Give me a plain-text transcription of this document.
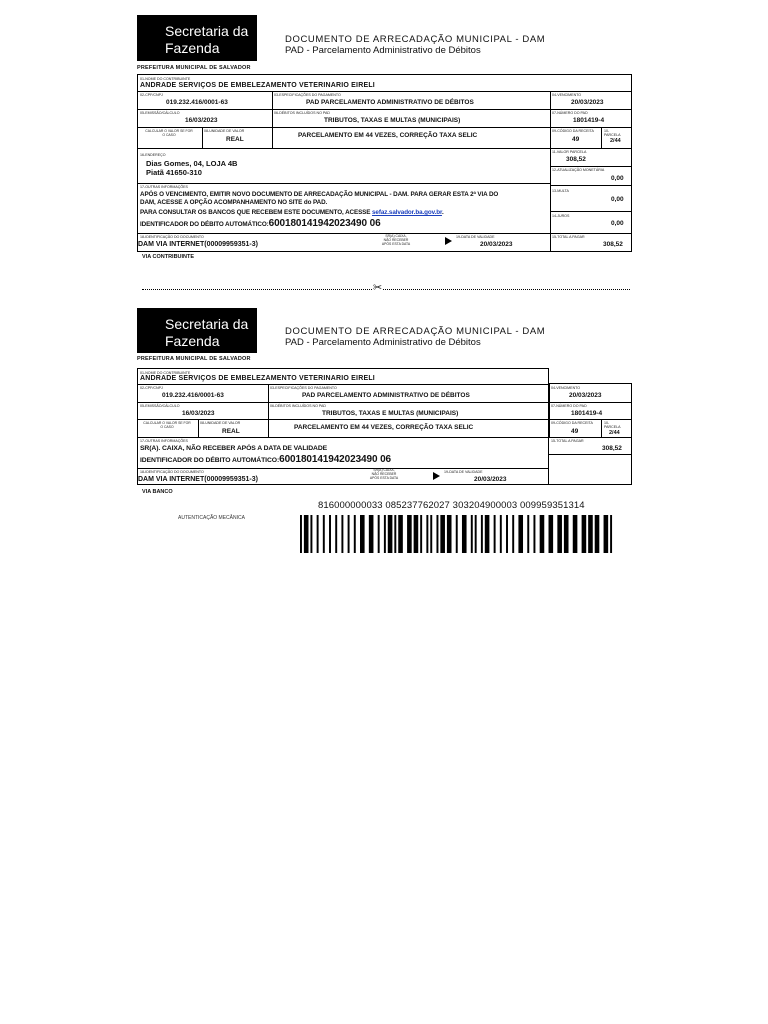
Secretaria da
Fazenda
DOCUMENTO DE ARRECADAÇÃO MUNICIPAL - DAM
PAD - Parcelamento Administrativo de Débitos
PREFEITURA MUNICIPAL DE SALVADOR
01-NOME DO CONTRIBUINTE
ANDRADE SERVIÇOS DE EMBELEZAMENTO VETERINARIO EIRELI
02-CPF/CNPJ
019.232.416/0001-63
03-ESPECIFICAÇÕES DO PAGAMENTO
PAD PARCELAMENTO ADMINISTRATIVO DE DÉBITOS
04-VENCIMENTO
20/03/2023
05-EMISSÃO/CÁLCULO
16/03/2023
06-DÉBITOS INCLUÍDOS NO PAD
TRIBUTOS, TAXAS E MULTAS (MUNICIPAIS)
07-NÚMERO DO PAD
1801419-4
CALCULAR O VALOR SE FOR O CASO
08-UNIDADE DE VALOR
REAL
PARCELAMENTO EM 44 VEZES, CORREÇÃO TAXA SELIC
09-CÓDIGO DA RECEITA
49
10-
PARCELA
2/44
16-ENDEREÇO
Dias Gomes, 04, LOJA 4B
Piatã 41650-310
11-VALOR PARCELA
308,52
12-ATUALIZAÇÃO MONETÁRIA
0,00
13-MULTA
0,00
14-JUROS
0,00
15-TOTAL A PAGAR
308,52
17-OUTRAS INFORMAÇÕES
APÓS O VENCIMENTO, EMITIR NOVO DOCUMENTO DE ARRECADAÇÃO MUNICIPAL - DAM. PARA GERAR ESTA 2ª VIA DO
DAM, ACESSE A OPÇÃO ACOMPANHAMENTO NO SITE do PAD.
PARA CONSULTAR OS BANCOS QUE RECEBEM ESTE DOCUMENTO, ACESSE sefaz.salvador.ba.gov.br.
IDENTIFICADOR DO DÉBITO AUTOMÁTICO:600180141942023490 06
18-IDENTIFICAÇÃO DO DOCUMENTO
DAM VIA INTERNET(00009959351-3)
SR(A) CAIXA,
NÃO RECEBER
APÓS ESTA DATA
19-DATA DE VALIDADE
20/03/2023
VIA CONTRIBUINTE
✂
Secretaria da
Fazenda
DOCUMENTO DE ARRECADAÇÃO MUNICIPAL - DAM
PAD - Parcelamento Administrativo de Débitos
PREFEITURA MUNICIPAL DE SALVADOR
01-NOME DO CONTRIBUINTE
ANDRADE SERVIÇOS DE EMBELEZAMENTO VETERINARIO EIRELI
02-CPF/CNPJ
019.232.416/0001-63
03-ESPECIFICAÇÕES DO PAGAMENTO
PAD PARCELAMENTO ADMINISTRATIVO DE DÉBITOS
05-EMISSÃO/CÁLCULO
16/03/2023
06-DÉBITOS INCLUÍDOS NO PAD
TRIBUTOS, TAXAS E MULTAS (MUNICIPAIS)
CALCULAR O VALOR SE FOR O CASO
08-UNIDADE DE VALOR
REAL
PARCELAMENTO EM 44 VEZES, CORREÇÃO TAXA SELIC
17-OUTRAS INFORMAÇÕES
SR(A). CAIXA, NÃO RECEBER APÓS A DATA DE VALIDADE
IDENTIFICADOR DO DÉBITO AUTOMÁTICO:600180141942023490 06
18-IDENTIFICAÇÃO DO DOCUMENTO
DAM VIA INTERNET(00009959351-3)
SR(A) CAIXA,
NÃO RECEBER
APÓS ESTA DATA
19-DATA DE VALIDADE
20/03/2023
04-VENCIMENTO
20/03/2023
07-NÚMERO DO PAD
1801419-4
09-CÓDIGO DA RECEITA
49
10-
PARCELA
2/44
15-TOTAL A PAGAR
308,52
VIA BANCO
816000000033 085237762027 303204900003 009959351314
AUTENTICAÇÃO MECÂNICA
